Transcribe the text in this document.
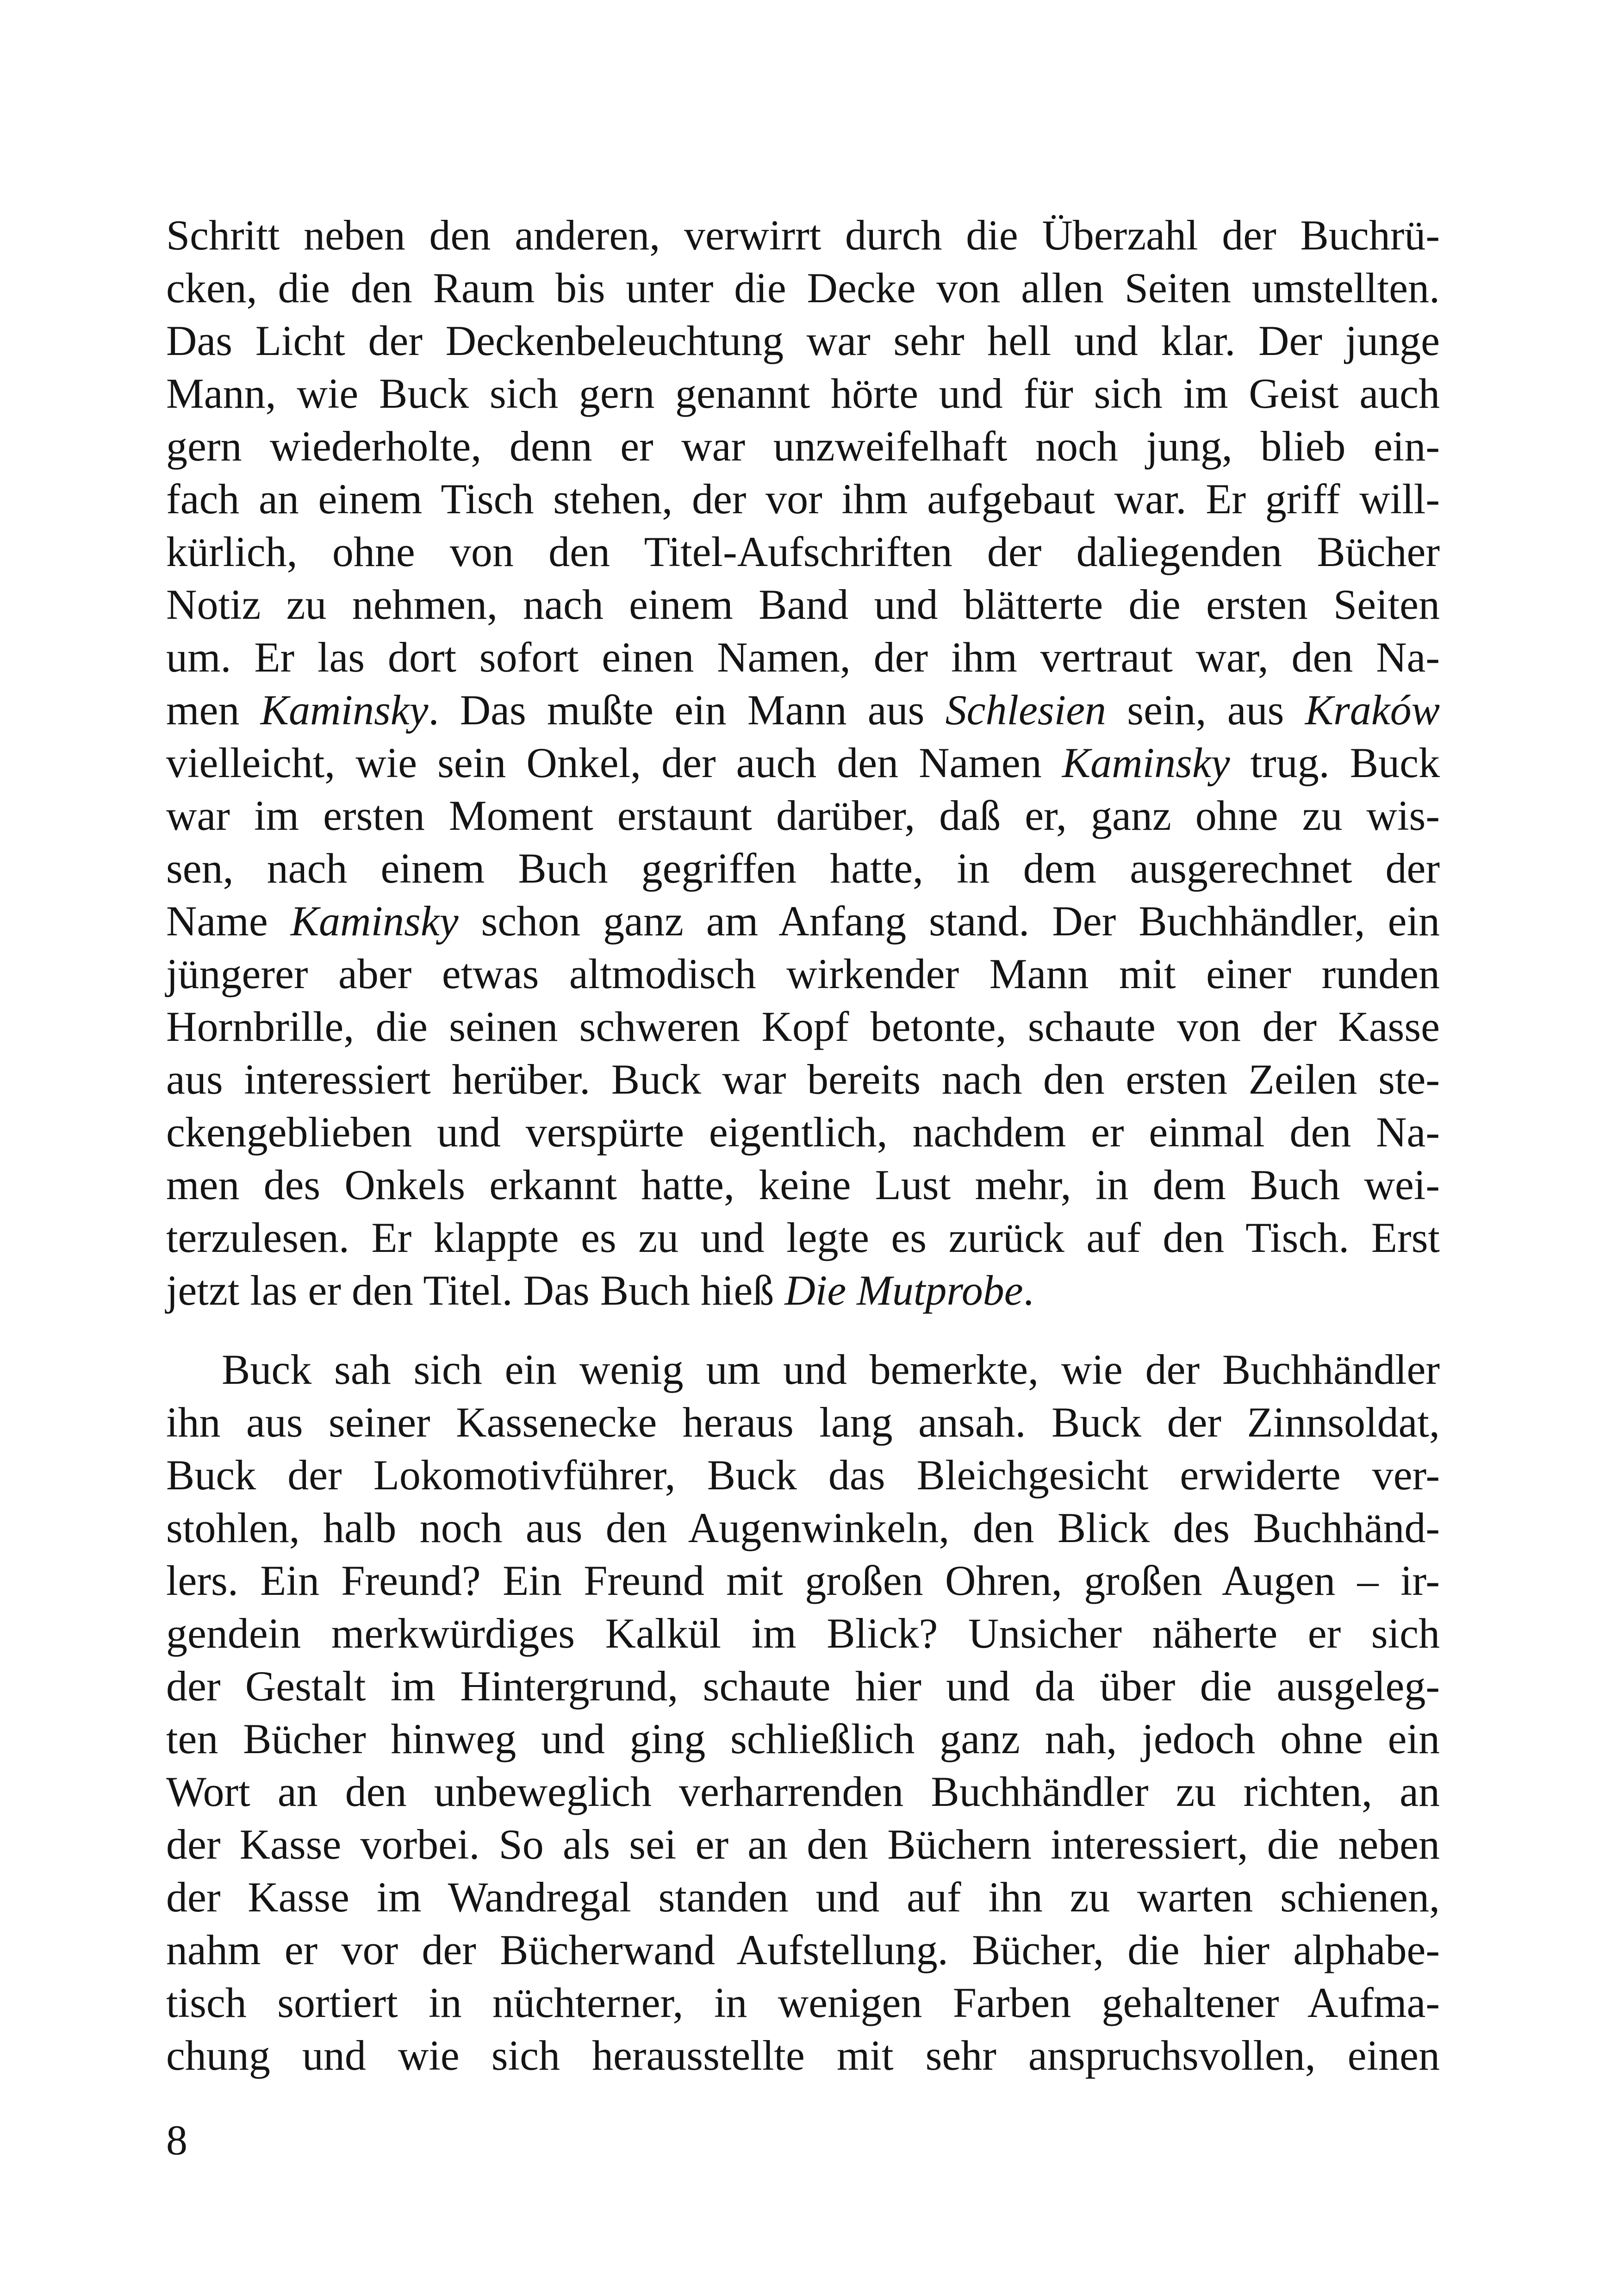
Schritt neben den anderen, verwirrt durch die Überzahl der Buchrü-
cken, die den Raum bis unter die Decke von allen Seiten umstellten.
Das Licht der Deckenbeleuchtung war sehr hell und klar. Der junge
Mann, wie Buck sich gern genannt hörte und für sich im Geist auch
gern wiederholte, denn er war unzweifelhaft noch jung, blieb ein-
fach an einem Tisch stehen, der vor ihm aufgebaut war. Er griff will-
kürlich, ohne von den Titel-Aufschriften der daliegenden Bücher
Notiz zu nehmen, nach einem Band und blätterte die ersten Seiten
um. Er las dort sofort einen Namen, der ihm vertraut war, den Na-
men Kaminsky. Das mußte ein Mann aus Schlesien sein, aus Kraków
vielleicht, wie sein Onkel, der auch den Namen Kaminsky trug. Buck
war im ersten Moment erstaunt darüber, daß er, ganz ohne zu wis-
sen, nach einem Buch gegriffen hatte, in dem ausgerechnet der
Name Kaminsky schon ganz am Anfang stand. Der Buchhändler, ein
jüngerer aber etwas altmodisch wirkender Mann mit einer runden
Hornbrille, die seinen schweren Kopf betonte, schaute von der Kasse
aus interessiert herüber. Buck war bereits nach den ersten Zeilen ste-
ckengeblieben und verspürte eigentlich, nachdem er einmal den Na-
men des Onkels erkannt hatte, keine Lust mehr, in dem Buch wei-
terzulesen. Er klappte es zu und legte es zurück auf den Tisch. Erst
jetzt las er den Titel. Das Buch hieß Die Mutprobe.
Buck sah sich ein wenig um und bemerkte, wie der Buchhändler
ihn aus seiner Kassenecke heraus lang ansah. Buck der Zinnsoldat,
Buck der Lokomotivführer, Buck das Bleichgesicht erwiderte ver-
stohlen, halb noch aus den Augenwinkeln, den Blick des Buchhänd-
lers. Ein Freund? Ein Freund mit großen Ohren, großen Augen – ir-
gendein merkwürdiges Kalkül im Blick? Unsicher näherte er sich
der Gestalt im Hintergrund, schaute hier und da über die ausgeleg-
ten Bücher hinweg und ging schließlich ganz nah, jedoch ohne ein
Wort an den unbeweglich verharrenden Buchhändler zu richten, an
der Kasse vorbei. So als sei er an den Büchern interessiert, die neben
der Kasse im Wandregal standen und auf ihn zu warten schienen,
nahm er vor der Bücherwand Aufstellung. Bücher, die hier alphabe-
tisch sortiert in nüchterner, in wenigen Farben gehaltener Aufma-
chung und wie sich herausstellte mit sehr anspruchsvollen, einen
8
